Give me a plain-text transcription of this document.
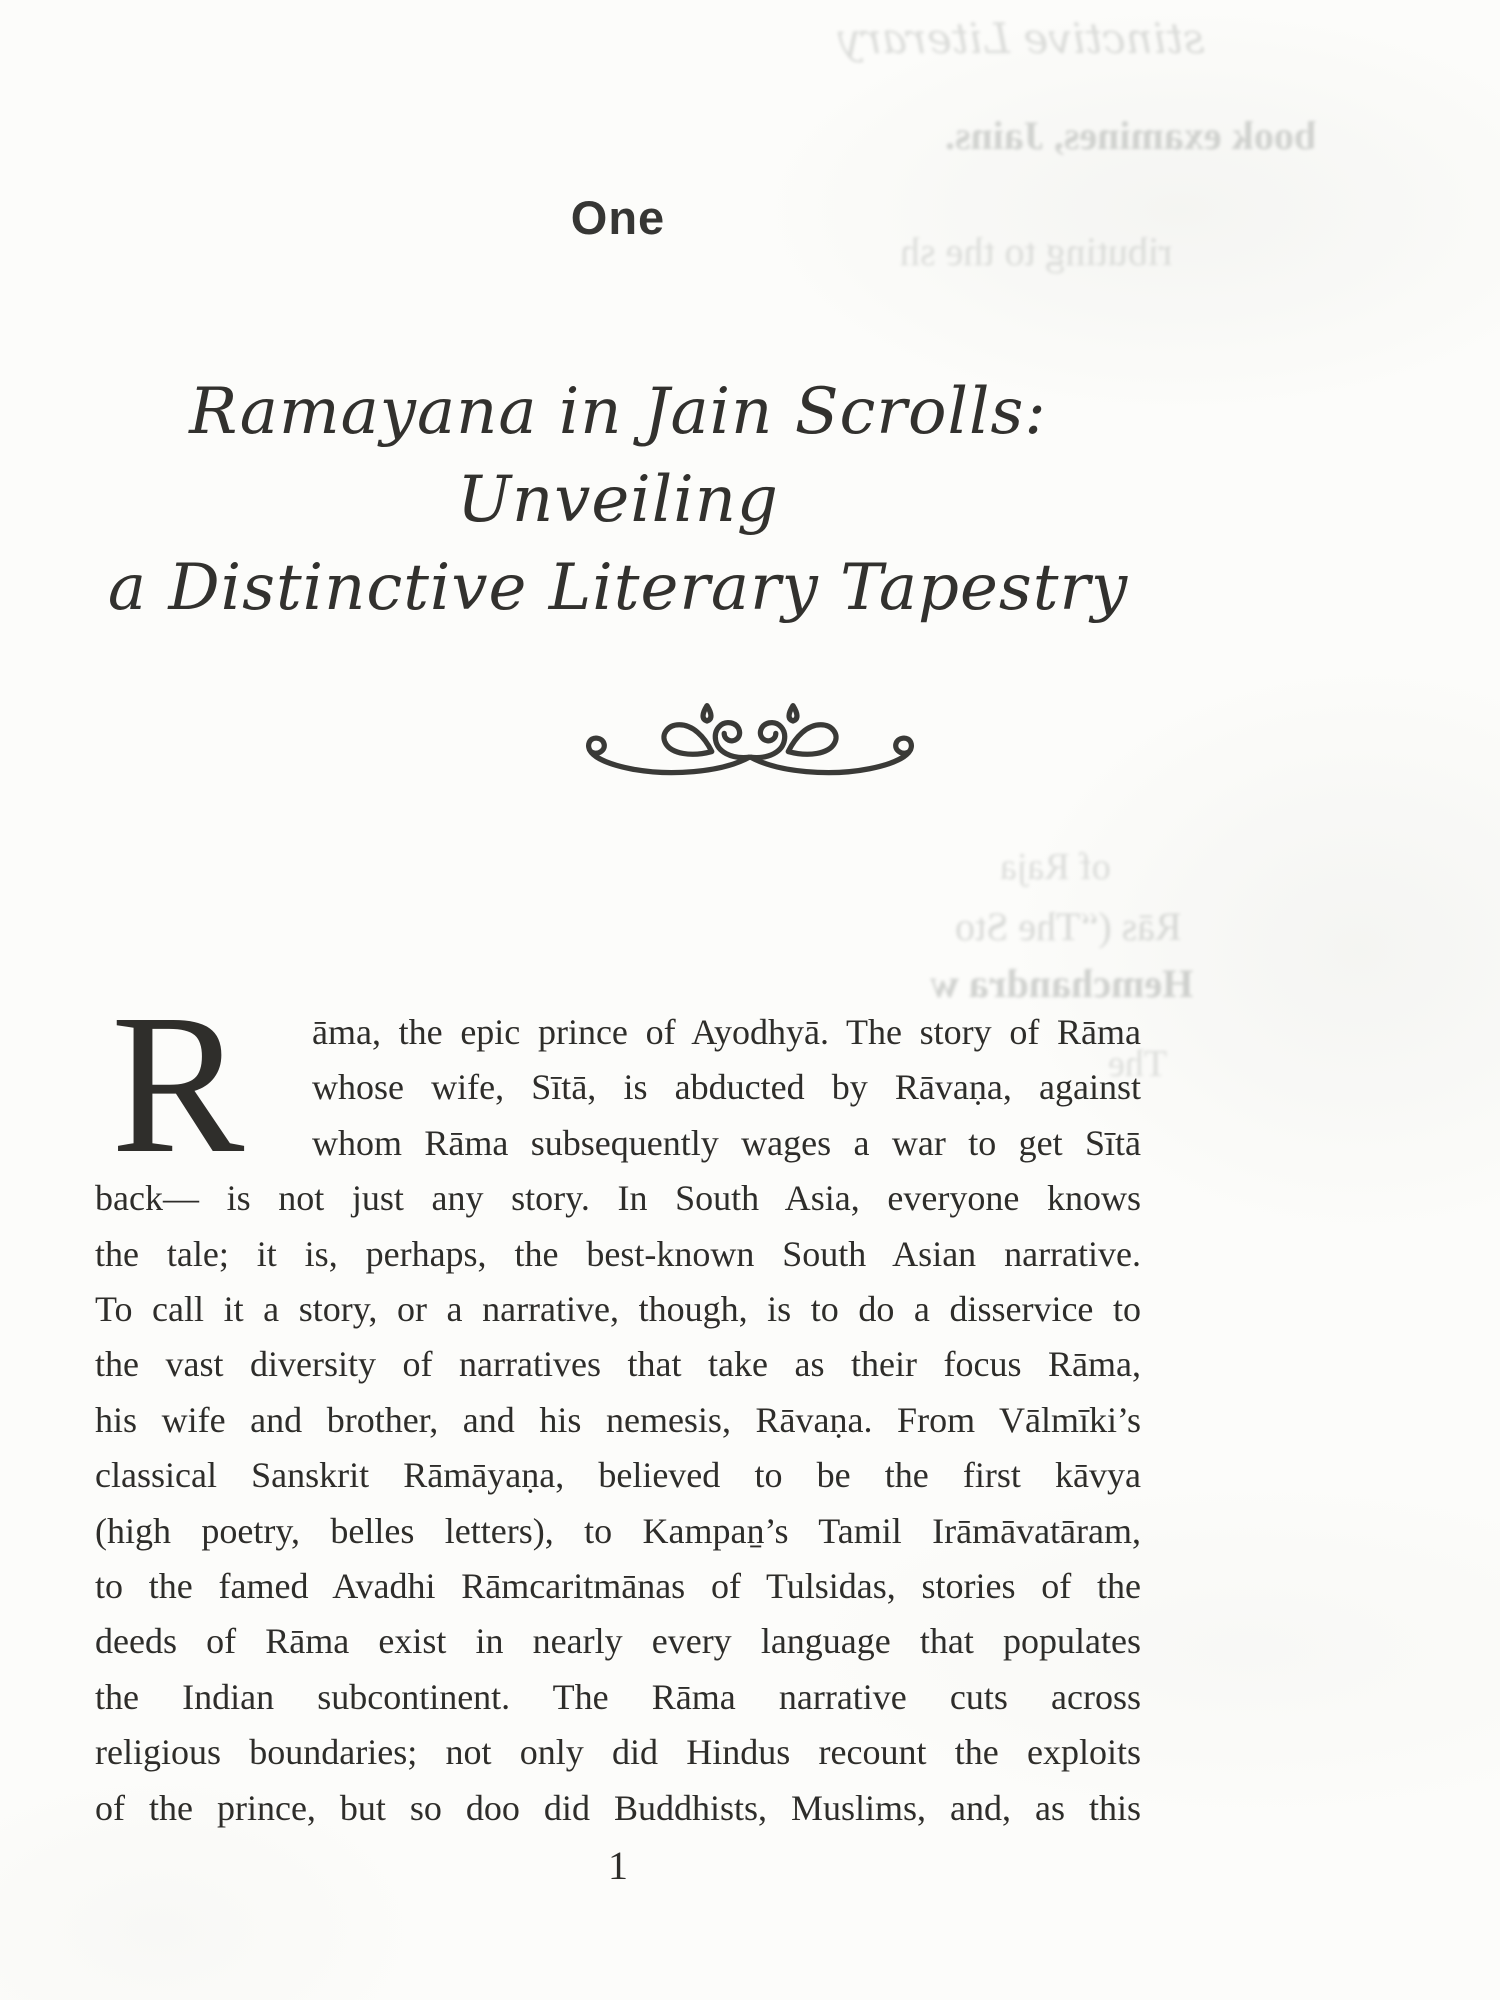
stinctive Literary
book examines, Jains.
ributing to the sh
of Raja
Rās (“The Sto
Hemchandra w
The
One
Ramayana in Jain Scrolls: Unveiling
a Distinctive Literary Tapestry
R	āma, the epic prince of Ayodhyā. The story of Rāma
whose wife, Sītā, is abducted by Rāvaṇa, against
whom Rāma subsequently wages a war to get Sītā
back— is not just any story. In South Asia, everyone knows
the tale; it is, perhaps, the best-known South Asian narrative.
To call it a story, or a narrative, though, is to do a disservice to
the vast diversity of narratives that take as their focus Rāma,
his wife and brother, and his nemesis, Rāvaṇa. From Vālmīki’s
classical Sanskrit Rāmāyaṇa, believed to be the first kāvya
(high poetry, belles letters), to Kampaṉ’s Tamil Irāmāvatāram,
to the famed Avadhi Rāmcaritmānas of Tulsidas, stories of the
deeds of Rāma exist in nearly every language that populates
the Indian subcontinent. The Rāma narrative cuts across
religious boundaries; not only did Hindus recount the exploits
of the prince, but so doo did Buddhists, Muslims, and, as this
1
